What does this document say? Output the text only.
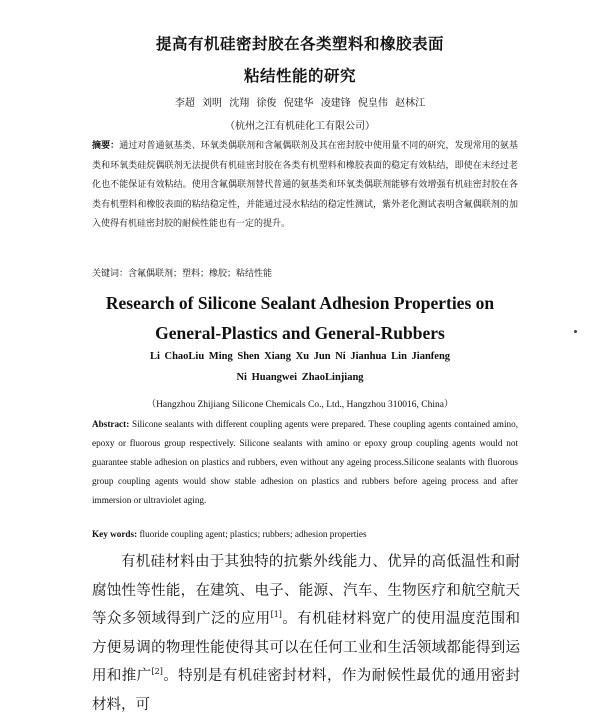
提高有机硅密封胶在各类塑料和橡胶表面
粘结性能的研究
李超 刘明 沈翔 徐俊 倪建华 凌建锋 倪皇伟 赵林江
（杭州之江有机硅化工有限公司）
摘要：通过对普通氨基类、环氧类偶联剂和含氟偶联剂及其在密封胶中使用量不同的研究，发现常用的氨基类和环氧类硅烷偶联剂无法提供有机硅密封胶在各类有机塑料和橡胶表面的稳定有效粘结，即使在未经过老化也不能保证有效粘结。使用含氟偶联剂替代普通的氨基类和环氧类偶联剂能够有效增强有机硅密封胶在各类有机塑料和橡胶表面的粘结稳定性，并能通过浸水粘结的稳定性测试，紫外老化测试表明含氟偶联剂的加入使得有机硅密封胶的耐候性能也有一定的提升。
关键词：含氟偶联剂；塑料；橡胶；粘结性能
Research of Silicone Sealant Adhesion Properties on
General-Plastics and General-Rubbers
Li ChaoLiu Ming Shen Xiang Xu Jun Ni Jianhua Lin Jianfeng
Ni Huangwei ZhaoLinjiang
（Hangzhou Zhijiang Silicone Chemicals Co., Ltd., Hangzhou 310016, China）
Abstract: Silicone sealants with different coupling agents were prepared. These coupling agents contained amino, epoxy or fluorous group respectively. Silicone sealants with amino or epoxy group coupling agents would not guarantee stable adhesion on plastics and rubbers, even without any ageing process.Silicone sealants with fluorous group coupling agents would show stable adhesion on plastics and rubbers before ageing process and after immersion or ultraviolet aging.
Key words: fluoride coupling agent; plastics; rubbers; adhesion properties
有机硅材料由于其独特的抗紫外线能力、优异的高低温性和耐腐蚀性等性能，在建筑、电子、能源、汽车、生物医疗和航空航天等众多领域得到广泛的应用[1]。有机硅材料宽广的使用温度范围和方便易调的物理性能使得其可以在任何工业和生活领域都能得到运用和推广[2]。特别是有机硅密封材料，作为耐候性最优的通用密封材料，可
